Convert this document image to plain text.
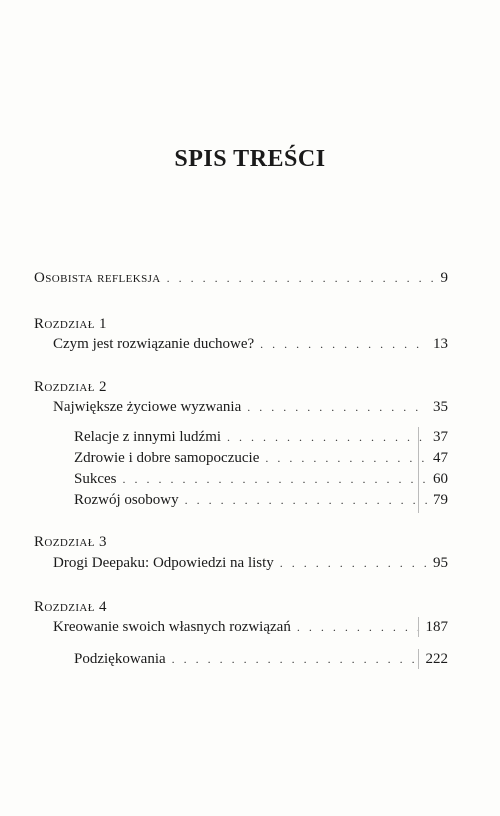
SPIS TREŚCI
Osobista refleksja . . .	9
Rozdział 1
Czym jest rozwiązanie duchowe? . . .	13
Rozdział 2
Największe życiowe wyzwania . . .	35
Relacje z innymi ludźmi . . .	37
Zdrowie i dobre samopoczucie . . .	47
Sukces . . .	60
Rozwój osobowy . . .	79
Rozdział 3
Drogi Deepaku: Odpowiedzi na listy . . .	95
Rozdział 4
Kreowanie swoich własnych rozwiązań . . .	187
Podziękowania . . .	222
